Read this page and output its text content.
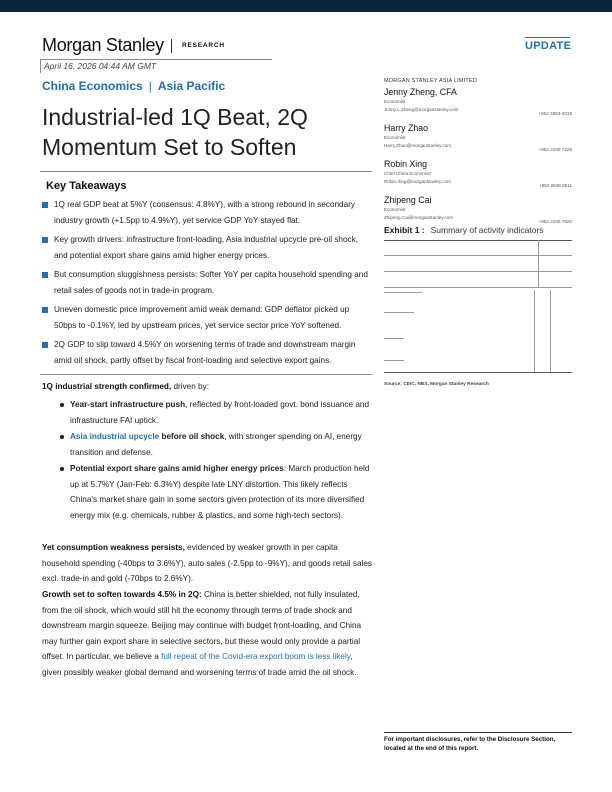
Morgan Stanley	RESEARCH	UPDATE
April 16, 2026 04:44 AM GMT
China Economics | Asia Pacific
Industrial-led 1Q Beat, 2Q Momentum Set to Soften
Key Takeaways
1Q real GDP beat at 5%Y (consensus: 4.8%Y), with a strong rebound in secondary industry growth (+1.5pp to 4.9%Y), yet service GDP YoY stayed flat.
Key growth drivers: infrastructure front-loading, Asia industrial upcycle pre-oil shock, and potential export share gains amid higher energy prices.
But consumption sluggishness persists: Softer YoY per capita household spending and retail sales of goods not in trade-in program.
Uneven domestic price improvement amid weak demand: GDP deflator picked up 50bps to -0.1%Y, led by upstream prices, yet service sector price YoY softened.
2Q GDP to slip toward 4.5%Y on worsening terms of trade and downstream margin amid oil shock, partly offset by fiscal front-loading and selective export gains.
1Q industrial strength confirmed, driven by:
Year-start infrastructure push, reflected by front-loaded govt. bond issuance and infrastructure FAI uptick.
Asia industrial upcycle before oil shock, with stronger spending on AI, energy transition and defense.
Potential export share gains amid higher energy prices: March production held up at 5.7%Y (Jan-Feb: 6.3%Y) despite late LNY distortion. This likely reflects China's market share gain in some sectors given protection of its more diversified energy mix (e.g. chemicals, rubber & plastics, and some high-tech sectors).
Yet consumption weakness persists, evidenced by weaker growth in per capita household spending (-40bps to 3.6%Y), auto sales (-2.5pp to -9%Y), and goods retail sales excl. trade-in and gold (-70bps to 2.6%Y).
Growth set to soften towards 4.5% in 2Q: China is better shielded, not fully insulated, from the oil shock, which would still hit the economy through terms of trade shock and downstream margin squeeze. Beijing may continue with budget front-loading, and China may further gain export share in selective sectors, but these would only provide a partial offset. In particular, we believe a full repeat of the Covid-era export boom is less likely, given possibly weaker global demand and worsening terms of trade amid the oil shock.
MORGAN STANLEY ASIA LIMITED
Jenny Zheng, CFA
Economist
Jenny.L.Zheng@morganstanley.com
+852 3963-4015
Harry Zhao
Economist
Harry.Zhao@morganstanley.com
+852 2239 7229
Robin Xing
Chief China Economist
Robin.Xing@morganstanley.com
+852 2848 6511
Zhipeng Cai
Economist
Zhipeng.Cai@morganstanley.com
+852 2239 7820
Exhibit 1 : Summary of activity indicators
Source: CEIC, NBS, Morgan Stanley Research
For important disclosures, refer to the Disclosure Section, located at the end of this report.
